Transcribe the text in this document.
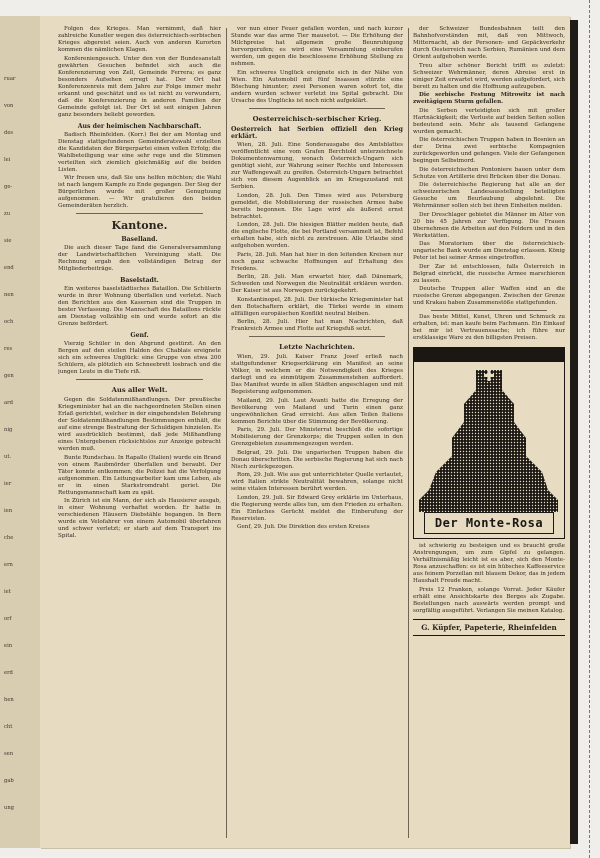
ruar
von
des
lei
ge-
zu
sie
end
nen
och
res
gen
ard
nig
ut.
ier
ien
che
ern
iet
orf
ein
erd
hen
cht
sen
gab
ung
Folgen des Krieges. Man vernimmt, daß hier zahlreiche Kunstler wegen des österreichisch-serbischen Krieges abgereist seien. Auch von anderen Kurorten kommen die nämlichen Klagen.
Konfereniengesuch. Unter den von der Bundesanstalt gewährten Gesuchen befindet sich auch die Konferenzierung von Zell, Gemeinde Ferrera; es ganz besonders Aufsehen erregt hat. Der Ort hat Konferenzenreis mit dem Jahre zur Folge immer mehr erkannt und geschätzt und es ist nicht zu verwundern, daß die Konferenzierung in anderen Familien der Gemeinde gefolgt ist. Der Ort ist seit einigen Jahren ganz besonders beliebt geworden.
Aus der heimischen Nachbarschaft.
Badisch Rheinfelden. (Korr.) Bei der am Montag und Dienstag stattgefundenen Gemeinderatswahl erzielten die Kandidaten der Bürgerpartei einen vollen Erfolg; die Wahlbeteiligung war eine sehr rege und die Stimmen verteilten sich ziemlich gleichmäßig auf die beiden Listen.
Wir freuen uns, daß Sie uns helfen möchten; die Wahl ist nach langem Kampfe zu Ende gegangen. Der Sieg der Bürgerlichen wurde mit großer Genugtuung aufgenommen. — Wir gratulieren den beiden Gemeinderäten herzlich.
Kantone.
Baselland.
Die auch dieser Tage fand die Generalversammlung der Landwirtschaftlichen Vereinigung statt. Die Rechnung ergab den vollständigen Betrag der Mitgliederbeiträge.
Baselstadt.
Ein weiteres baselstädtisches Bataillon. Die Schülerin wurde in ihrer Wohnung überfallen und verletzt. Nach den Berichten aus den Kasernen sind die Truppen in bester Verfassung. Die Mannschaft des Bataillons rückte am Dienstag vollzählig ein und wurde sofort an die Grenze befördert.
Genf.
Vierzig Schüler in den Abgrund gestürzt. An den Bergen auf den steilen Halden des Chablais ereignete sich ein schweres Unglück: eine Gruppe von etwa 200 Schülern, als plötzlich ein Schneebrett losbrach und die jungen Leute in die Tiefe riß.
Aus aller Welt.
Gegen die Soldatenmißhandlungen. Der preußische Kriegsminister hat an die nachgeordneten Stellen einen Erlaß gerichtet, welcher in der eingehendsten Belehrung der Soldatenmißhandlungen Bestimmungen enthält, die auf eine strenge Bestrafung der Schuldigen hinzielen. Es wird ausdrücklich bestimmt, daß jede Mißhandlung eines Untergebenen rücksichtslos zur Anzeige gebracht werden muß.
Bunte Rundschau. In Rapallo (Italien) wurde ein Brand von einem Raubmörder überfallen und beraubt. Der Täter konnte entkommen; die Polizei hat die Verfolgung aufgenommen. Ein Leitungsarbeiter kam ums Leben, als er in einen Starkstromdraht geriet. Die Rettungsmannschaft kam zu spät.
In Zürich ist ein Mann, der sich als Hausierer ausgab, in einer Wohnung verhaftet worden. Er hatte in verschiedenen Häusern Diebstähle begangen. In Bern wurde ein Velofahrer von einem Automobil überfahren und schwer verletzt; er starb auf dem Transport ins Spital.
vor nun einer Feuer gefallen worden, und nach kurzer Stunde war das arme Tier mausetot. — Die Erhöhung der Milchpreise hat allgemein große Beunruhigung hervorgerufen; es wird eine Versammlung einberufen werden, um gegen die beschlossene Erhöhung Stellung zu nehmen.
Ein schweres Unglück ereignete sich in der Nähe von Wien. Ein Automobil mit fünf Insassen stürzte eine Böschung hinunter; zwei Personen waren sofort tot, die andern wurden schwer verletzt ins Spital gebracht. Die Ursache des Unglücks ist noch nicht aufgeklärt.
Oesterreichisch-serbischer Krieg.
Oesterreich hat Serbien offiziell den Krieg erklärt.
Wien, 28. Juli. Eine Sonderausgabe des Amtsblattes veröffentlicht eine vom Grafen Berchtold unterzeichnete Dokumentenwarnung, wonach Österreich-Ungarn sich genötigt sieht, zur Wahrung seiner Rechte und Interessen zur Waffengewalt zu greifen. Österreich-Ungarn betrachtet sich von diesem Augenblick an im Kriegszustand mit Serbien.
London, 28. Juli. Den Times wird aus Petersburg gemeldet, die Mobilisierung der russischen Armee habe bereits begonnen. Die Lage wird als äußerst ernst betrachtet.
London, 28. Juli. Die hiesigen Blätter melden heute, daß die englische Flotte, die bei Portland versammelt ist, Befehl erhalten habe, sich nicht zu zerstreuen. Alle Urlaube sind aufgehoben worden.
Paris, 28. Juli. Man hat hier in den leitenden Kreisen nur noch ganz schwache Hoffnungen auf Erhaltung des Friedens.
Berlin, 28. Juli. Man erwartet hier, daß Dänemark, Schweden und Norwegen die Neutralität erklären werden. Der Kaiser ist aus Norwegen zurückgekehrt.
Konstantinopel, 28. Juli. Der türkische Kriegsminister hat den Botschaftern erklärt, die Türkei werde in einem allfälligen europäischen Konflikt neutral bleiben.
Berlin, 28. Juli. Hier hat man Nachrichten, daß Frankreich Armee und Flotte auf Kriegsfuß setzt.
Letzte Nachrichten.
Wien, 29. Juli. Kaiser Franz Josef erließ nach stattgefundener Kriegserklärung ein Manifest an seine Völker, in welchem er die Notwendigkeit des Krieges darlegt und zu einmütigem Zusammenstehen auffordert. Das Manifest wurde in allen Städten angeschlagen und mit Begeisterung aufgenommen.
Mailand, 29. Juli. Laut Avanti hatte die Erregung der Bevölkerung von Mailand und Turin einen ganz ungewöhnlichen Grad erreicht. Aus allen Teilen Italiens kommen Berichte über die Stimmung der Bevölkerung.
Paris, 29. Juli. Der Ministerrat beschloß die sofortige Mobilisierung der Grenzkorps; die Truppen sollen in den Grenzgebieten zusammengezogen werden.
Belgrad, 29. Juli. Die ungarischen Truppen haben die Donau überschritten. Die serbische Regierung hat sich nach Nisch zurückgezogen.
Rom, 29. Juli. Wie aus gut unterrichteter Quelle verlautet, wird Italien strikte Neutralität bewahren, solange nicht seine vitalen Interessen berührt werden.
London, 29. Juli. Sir Edward Grey erklärte im Unterhaus, die Regierung werde alles tun, um den Frieden zu erhalten. Ein Einfaches Gerücht meldet die Einberufung der Reservisten.
Genf, 29. Juli. Die Direktion des ersten Kreises
der Schweizer Bundesbahnen teilt den Bahnhofvorständen mit, daß von Mittwoch, Mitternacht, ab der Personen- und Gepäckverkehr durch Oesterreich nach Serbien, Rumänien und dem Orient aufgehoben werde.
Treu alter schöner Bericht trifft es zuletzt: Schweizer Wehrmänner, deren Abreise erst in einiger Zeit erwartet wird, werden aufgefordert, sich bereit zu halten und die Hoffnung aufzugeben.
Die serbische Festung Mitrowitz ist nach zweitägigem Sturm gefallen.
Die Serben verteidigten sich mit großer Hartnäckigkeit; die Verluste auf beiden Seiten sollen bedeutend sein. Mehr als tausend Gefangene wurden gemacht.
Die österreichischen Truppen haben in Bosnien an der Drina zwei serbische Kompagnien zurückgeworfen und gefangen. Viele der Gefangenen begingen Selbstmord.
Die österreichischen Pontoniere bauen unter dem Schutze von Artillerie drei Brücken über die Donau.
Die österreichische Regierung hat alle an der schweizerischen Landesausstellung beteiligten Gesuche um Beurlaubung abgelehnt. Die Wehrmänner sollen sich bei ihren Einheiten melden.
Der Dreschlager gebietet die Männer im Alter von 20 bis 45 Jahren zur Verfügung. Die Frauen übernehmen die Arbeiten auf den Feldern und in den Werkstätten.
Das Moratorium über die österreichisch-ungarische Bank wurde am Dienstag erlassen. König Peter ist bei seiner Armee eingetroffen.
Der Zar ist entschlossen, falls Österreich in Belgrad einrückt, die russische Armee marschieren zu lassen.
Deutsche Truppen aller Waffen sind an die russische Grenze abgegangen. Zwischen der Grenze und Krakau haben Zusammenstöße stattgefunden.
Das beste Mittel, Kunst, Uhren und Schmuck zu erhalten, ist: man kaufe beim Fachmann. Ein Einkauf bei mir ist Vertrauenssache; ich führe nur erstklassige Ware zu den billigsten Preisen.
Der Monte-Rosa
ist schwierig zu besteigen und es braucht große Anstrengungen, um zum Gipfel zu gelangen. Verhältnismäßig leicht ist es aber, sich den Monte-Rosa anzuschaffen: es ist ein hübsches Kaffeeservice aus feinem Porzellan mit blauem Dekor, das in jedem Haushalt Freude macht.
Preis 12 Franken, solange Vorrat. Jeder Käufer erhält eine Ansichtskarte des Berges als Zugabe. Bestellungen nach auswärts werden prompt und sorgfältig ausgeführt. Verlangen Sie meinen Katalog.
G. Küpfer, Papeterie, Rheinfelden
